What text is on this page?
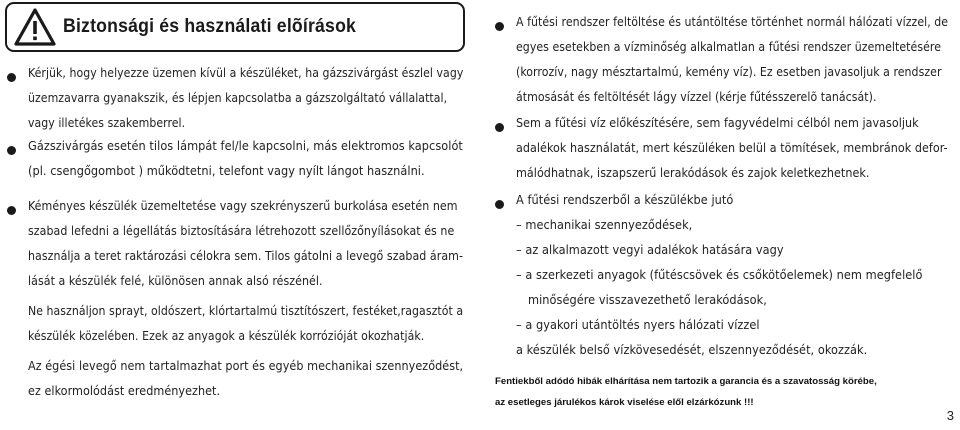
Biztonsági és használati elõírások
Kérjük, hogy helyezze üzemen kívül a készüléket, ha gázszivárgást észlel vagy
üzemzavarra gyanakszik, és lépjen kapcsolatba a gázszolgáltató vállalattal,
vagy illetékes szakemberrel.
Gázszivárgás esetén tilos lámpát fel/le kapcsolni, más elektromos kapcsolót
(pl. csengőgombot ) működtetni, telefont vagy nyílt lángot használni.
Kéményes készülék üzemeltetése vagy szekrényszerű burkolása esetén nem
szabad lefedni a légellátás biztosítására létrehozott szellőzőnyílásokat és ne
használja a teret raktározási célokra sem. Tilos gátolni a levegő szabad áram-
lását a készülék felé, különösen annak alsó részénél.
Ne használjon sprayt, oldószert, klórtartalmú tisztítószert, festéket,ragasztót a
készülék közelében. Ezek az anyagok a készülék korrózióját okozhatják.
Az égési levegő nem tartalmazhat port és egyéb mechanikai szennyeződést,
ez elkormolódást eredményezhet.
A fűtési rendszer feltöltése és utántöltése történhet normál hálózati vízzel, de
egyes esetekben a vízminőség alkalmatlan a fűtési rendszer üzemeltetésére
(korrozív, nagy mésztartalmú, kemény víz). Ez esetben javasoljuk a rendszer
átmosását és feltöltését lágy vízzel (kérje fűtésszerelõ tanácsát).
Sem a fűtési víz előkészítésére, sem fagyvédelmi célból nem javasoljuk
adalékok használatát, mert készüléken belül a tömítések, membránok defor-
málódhatnak, iszapszerű lerakódások és zajok keletkezhetnek.
A fűtési rendszerből a készülékbe jutó
– mechanikai szennyeződések,
– az alkalmazott vegyi adalékok hatására vagy
– a szerkezeti anyagok (fűtéscsövek és csőkötőelemek) nem megfelelő
minőségére visszavezethető lerakódások,
– a gyakori utántöltés nyers hálózati vízzel
a készülék belső vízkövesedését, elszennyeződését, okozzák.
Fentiekből adódó hibák elhárítása nem tartozik a garancia és a szavatosság körébe,
az esetleges járulékos károk viselése elől elzárkózunk !!!
3
